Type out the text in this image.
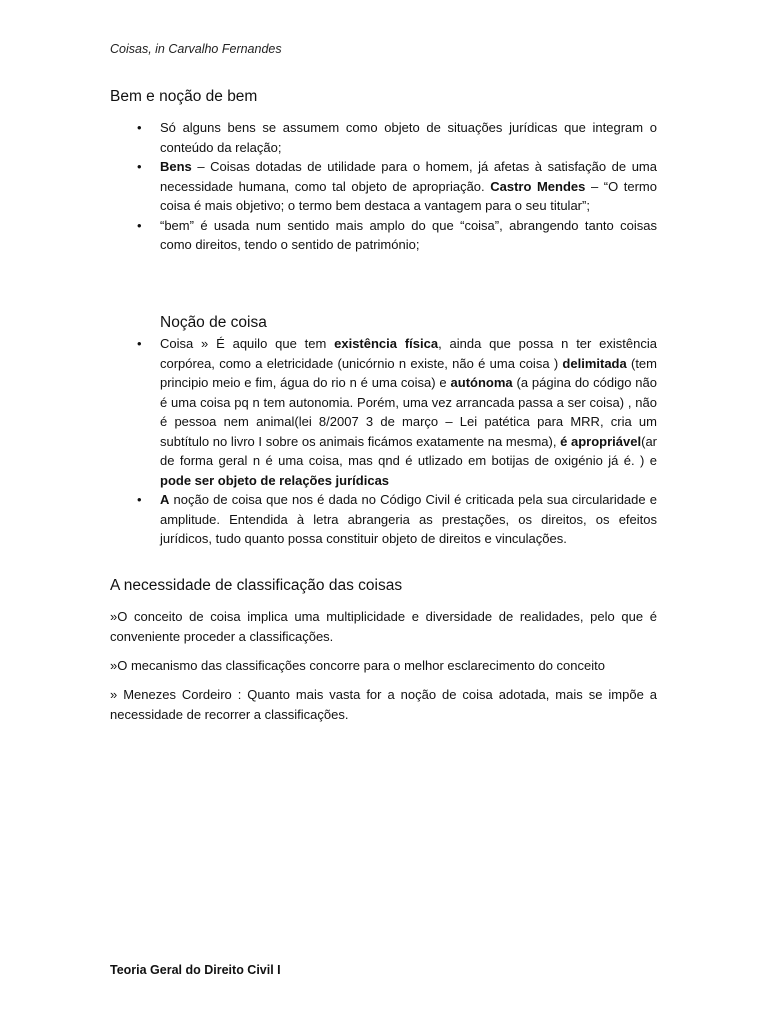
Coisas, in Carvalho Fernandes
Bem e noção de bem
• Só alguns bens se assumem como objeto de situações jurídicas que integram o conteúdo da relação;
• Bens – Coisas dotadas de utilidade para o homem, já afetas à satisfação de uma necessidade humana, como tal objeto de apropriação. Castro Mendes – “O termo coisa é mais objetivo; o termo bem destaca a vantagem para o seu titular”;
• “bem” é usada num sentido mais amplo do que “coisa”, abrangendo tanto coisas como direitos, tendo o sentido de património;
Noção de coisa
• Coisa » É aquilo que tem existência física, ainda que possa n ter existência corpórea, como a eletricidade (unicórnio n existe, não é uma coisa ) delimitada (tem principio meio e fim, água do rio n é uma coisa) e autónoma (a página do código não é uma coisa pq n tem autonomia. Porém, uma vez arrancada passa a ser coisa) , não é pessoa nem animal(lei 8/2007 3 de março – Lei patética para MRR, cria um subtítulo no livro I sobre os animais ficámos exatamente na mesma), é apropriável(ar de forma geral n é uma coisa, mas qnd é utlizado em botijas de oxigénio já é. ) e pode ser objeto de relações jurídicas
• A noção de coisa que nos é dada no Código Civil é criticada pela sua circularidade e amplitude. Entendida à letra abrangeria as prestações, os direitos, os efeitos jurídicos, tudo quanto possa constituir objeto de direitos e vinculações.
A necessidade de classificação das coisas

»O conceito de coisa implica uma multiplicidade e diversidade de realidades, pelo que é conveniente proceder a classificações.

»O mecanismo das classificações concorre para o melhor esclarecimento do conceito

» Menezes Cordeiro : Quanto mais vasta for a noção de coisa adotada, mais se impõe a necessidade de recorrer a classificações.

Teoria Geral do Direito Civil I
